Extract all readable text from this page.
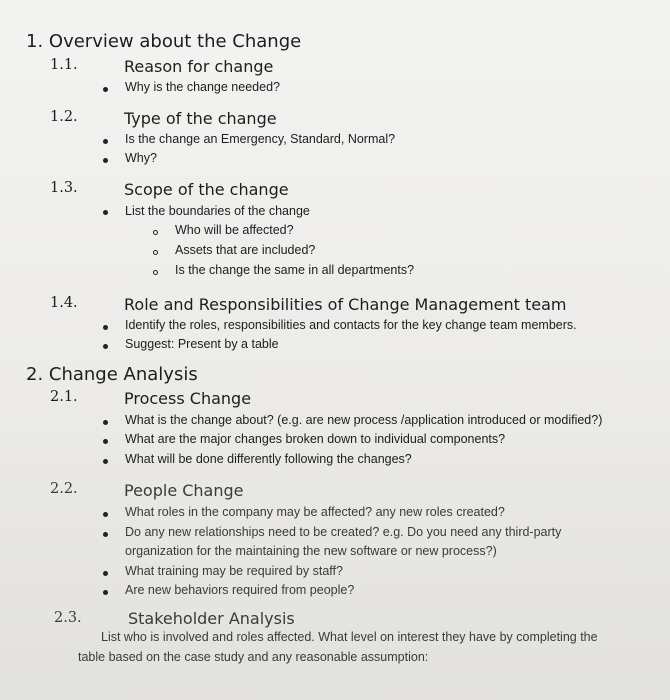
1. Overview about the Change
1.1.	Reason for change
Why is the change needed?
1.2.	Type of the change
Is the change an Emergency, Standard, Normal?
Why?
1.3.	Scope of the change
List the boundaries of the change
Who will be affected?
Assets that are included?
Is the change the same in all departments?
1.4.	Role and Responsibilities of Change Management team
Identify the roles, responsibilities and contacts for the key change team members.
Suggest: Present by a table
2. Change Analysis
2.1.	Process Change
What is the change about? (e.g. are new process /application introduced or modified?)
What are the major changes broken down to individual components?
What will be done differently following the changes?
2.2.	People Change
What roles in the company may be affected? any new roles created?
Do any new relationships need to be created? e.g. Do you need any third-party
organization for the maintaining the new software or new process?)
What training may be required by staff?
Are new behaviors required from people?
2.3.	Stakeholder Analysis
List who is involved and roles affected. What level on interest they have by completing the
table based on the case study and any reasonable assumption:
